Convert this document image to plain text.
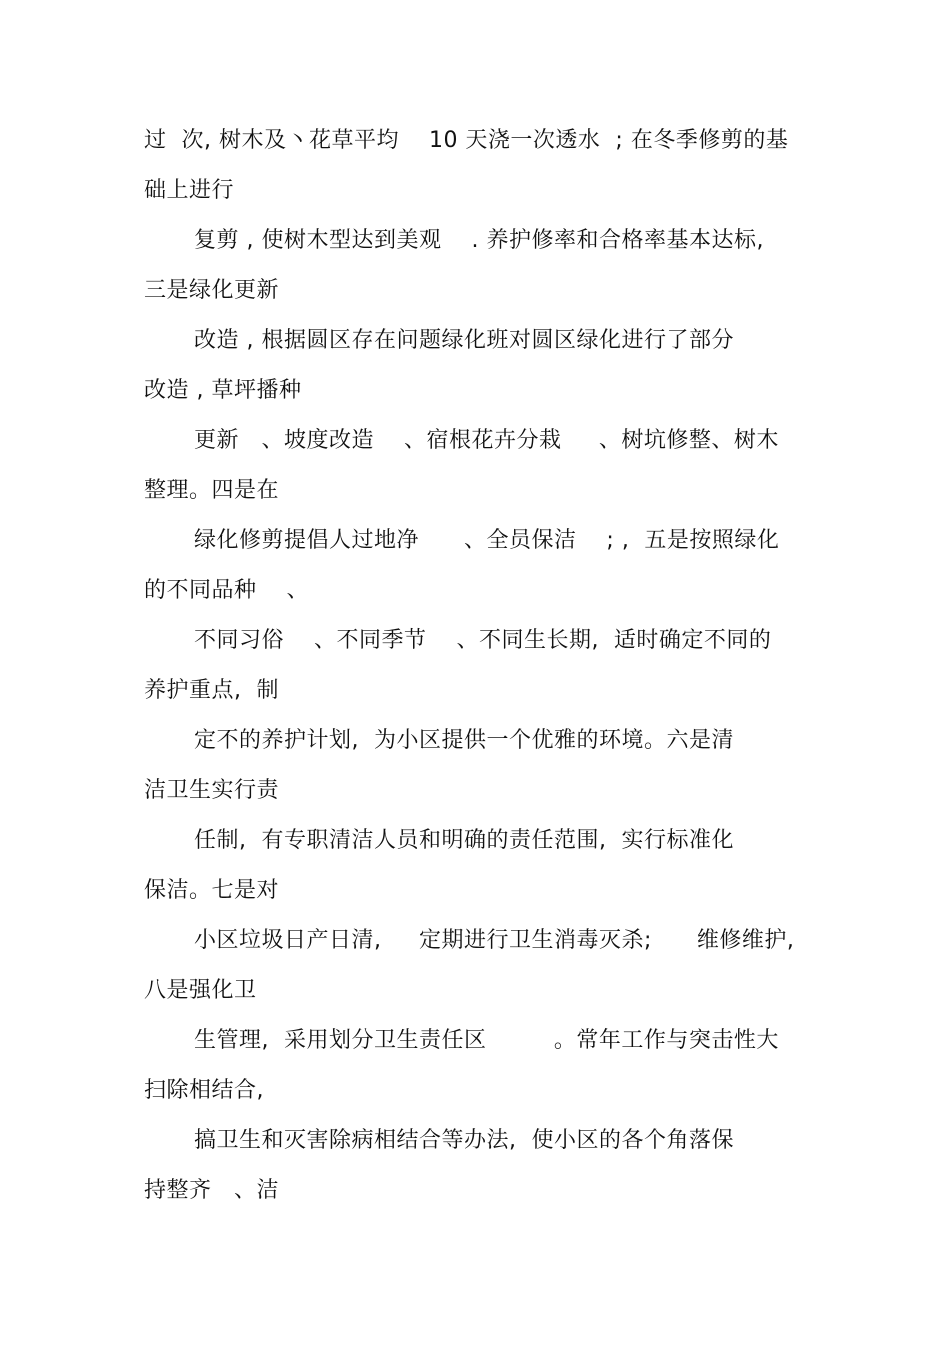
过  次, 树木及丶花草平均    10 天浇一次透水  ; 在冬季修剪的基
础上进行
复剪 , 使树木型达到美观    . 养护修率和合格率基本达标,
三是绿化更新
改造 , 根据圆区存在问题绿化班对圆区绿化进行了部分
改造 , 草坪播种
更新   、坡度改造    、宿根花卉分栽     、树坑修整、树木
整理。四是在
绿化修剪提倡人过地净      、全员保洁    ; ,  五是按照绿化
的不同品种    、
不同习俗    、不同季节    、不同生长期,  适时确定不同的
养护重点,  制
定不的养护计划,  为小区提供一个优雅的环境。六是清
洁卫生实行责
任制,  有专职清洁人员和明确的责任范围,  实行标准化
保洁。七是对
小区垃圾日产日清,     定期进行卫生消毒灭杀;      维修维护,
八是强化卫
生管理,  采用划分卫生责任区         。常年工作与突击性大
扫除相结合,
搞卫生和灭害除病相结合等办法,  使小区的各个角落保
持整齐   、洁
